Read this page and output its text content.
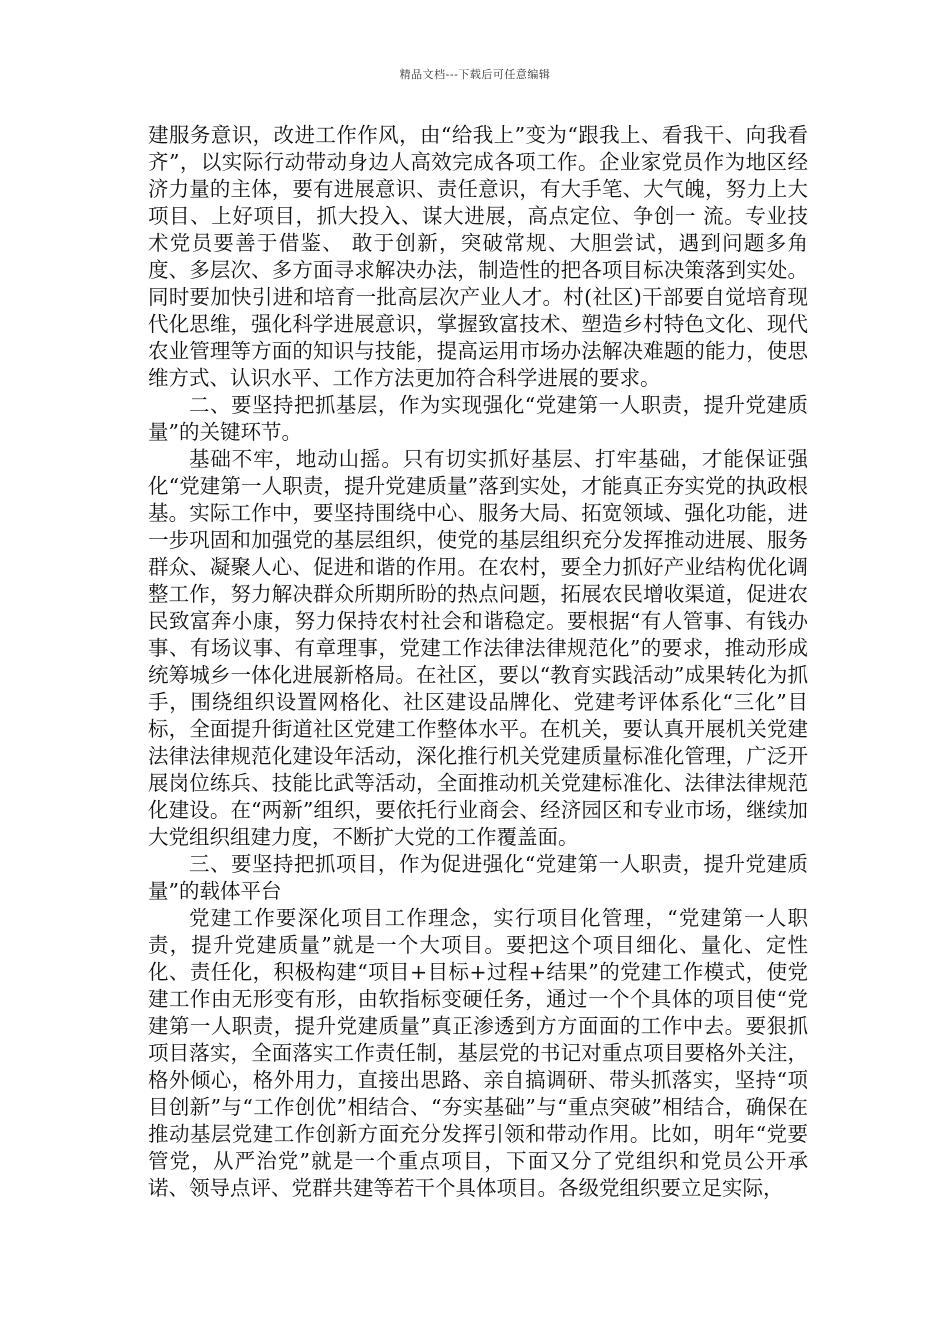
精品文档---下载后可任意编辑

建服务意识，改进工作作风，由“给我上”变为“跟我上、看我干、向我看齐”，以实际行动带动身边人高效完成各项工作。企业家党员作为地区经济力量的主体，要有进展意识、责任意识，有大手笔、大气魄，努力上大项目、上好项目，抓大投入、谋大进展，高点定位、争创一 流。专业技术党员要善于借鉴、 敢于创新，突破常规、大胆尝试，遇到问题多角度、多层次、多方面寻求解决办法，制造性的把各项目标决策落到实处。 同时要加快引进和培育一批高层次产业人才。村(社区)干部要自觉培育现代化思维，强化科学进展意识，掌握致富技术、塑造乡村特色文化、现代农业管理等方面的知识与技能，提高运用市场办法解决难题的能力，使思维方式、认识水平、工作方法更加符合科学进展的要求。

二、要坚持把抓基层，作为实现强化“党建第一人职责，提升党建质量”的关键环节。

基础不牢，地动山摇。只有切实抓好基层、打牢基础，才能保证强化“党建第一人职责，提升党建质量”落到实处，才能真正夯实党的执政根基。实际工作中，要坚持围绕中心、服务大局、拓宽领域、强化功能，进一步巩固和加强党的基层组织，使党的基层组织充分发挥推动进展、服务群众、凝聚人心、促进和谐的作用。在农村，要全力抓好产业结构优化调整工作，努力解决群众所期所盼的热点问题，拓展农民增收渠道，促进农民致富奔小康，努力保持农村社会和谐稳定。要根据“有人管事、有钱办事、有场议事、有章理事，党建工作法律法律规范化”的要求，推动形成统筹城乡一体化进展新格局。在社区，要以“教育实践活动”成果转化为抓手，围绕组织设置网格化、社区建设品牌化、党建考评体系化“三化”目标，全面提升街道社区党建工作整体水平。在机关，要认真开展机关党建法律法律规范化建设年活动，深化推行机关党建质量标准化管理，广泛开展岗位练兵、技能比武等活动，全面推动机关党建标准化、法律法律规范化建设。在“两新”组织，要依托行业商会、经济园区和专业市场，继续加大党组织组建力度，不断扩大党的工作覆盖面。

三、要坚持把抓项目，作为促进强化“党建第一人职责，提升党建质量”的载体平台

党建工作要深化项目工作理念，实行项目化管理，“党建第一人职责，提升党建质量”就是一个大项目。要把这个项目细化、量化、定性化、责任化，积极构建“项目+目标+过程+结果”的党建工作模式，使党建工作由无形变有形，由软指标变硬任务，通过一个个具体的项目使“党建第一人职责，提升党建质量”真正渗透到方方面面的工作中去。要狠抓项目落实，全面落实工作责任制，基层党的书记对重点项目要格外关注，格外倾心，格外用力，直接出思路、亲自搞调研、带头抓落实，坚持“项目创新”与“工作创优”相结合、“夯实基础”与“重点突破”相结合，确保在推动基层党建工作创新方面充分发挥引领和带动作用。比如，明年“党要管党，从严治党”就是一个重点项目，下面又分了党组织和党员公开承诺、领导点评、党群共建等若干个具体项目。各级党组织要立足实际，
